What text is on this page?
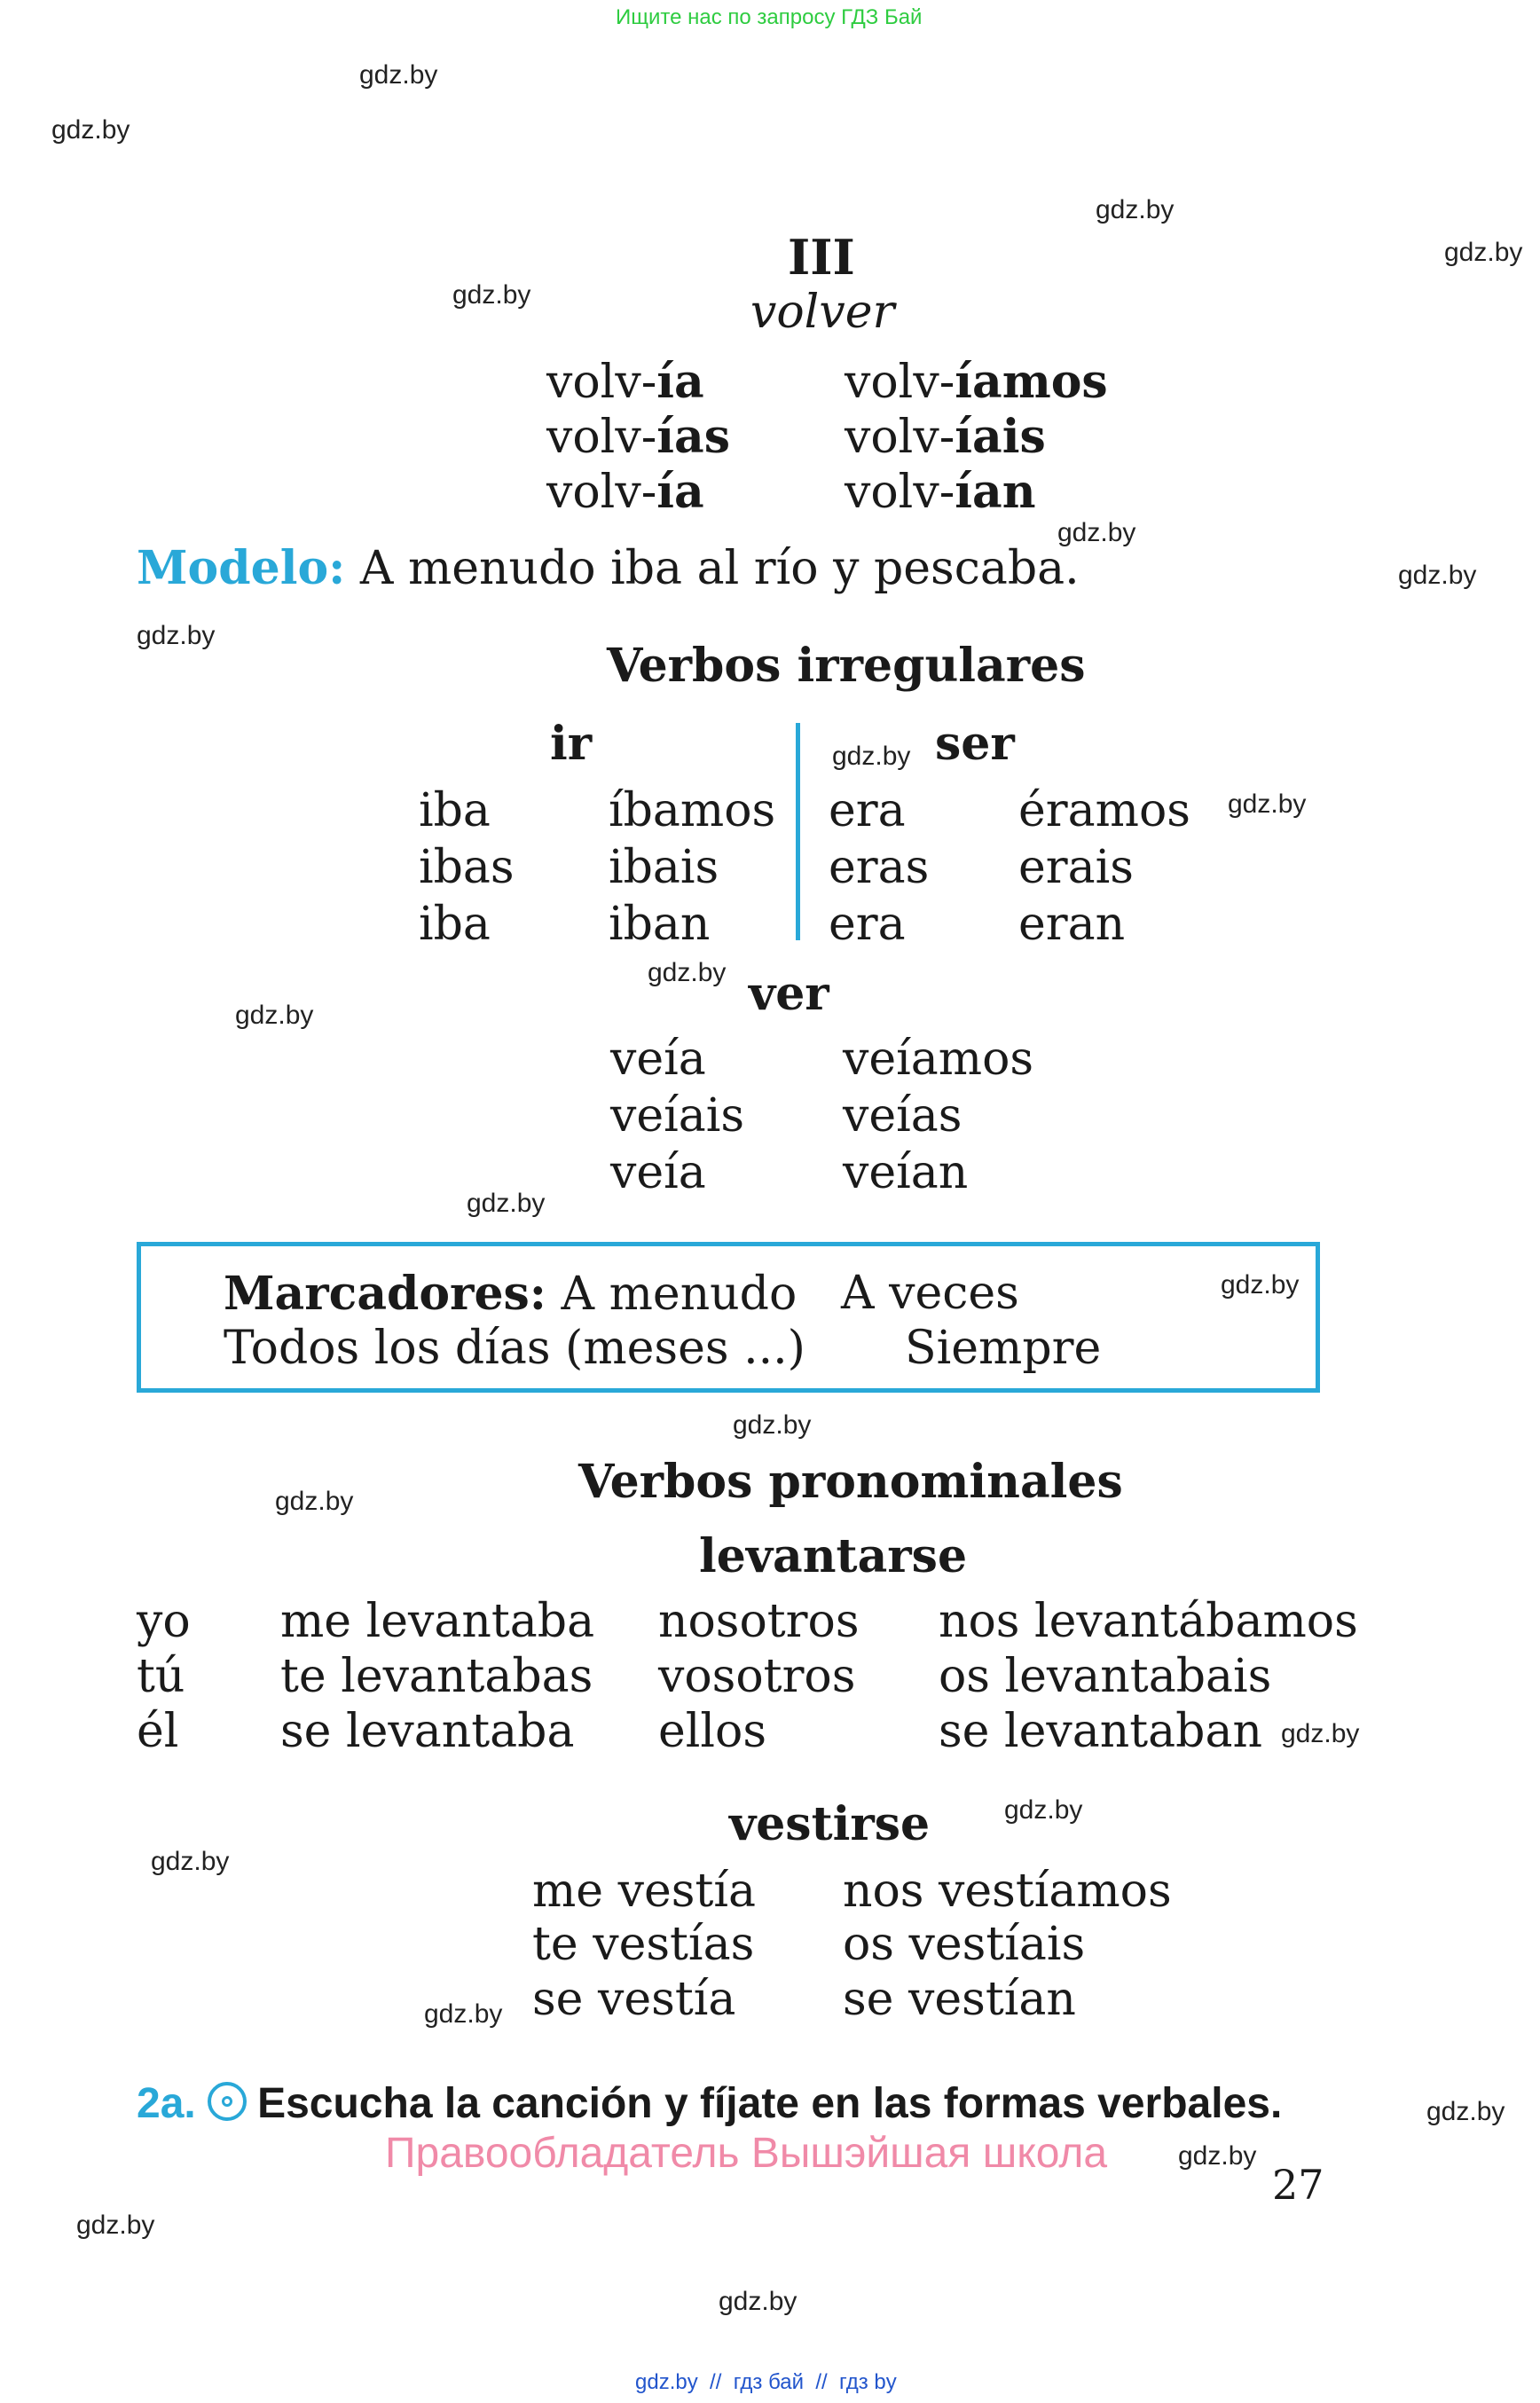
Ищите нас по запросу ГДЗ Бай
gdz.by
gdz.by
gdz.by
gdz.by
gdz.by
gdz.by
gdz.by
gdz.by
gdz.by
gdz.by
gdz.by
gdz.by
gdz.by
gdz.by
gdz.by
gdz.by
gdz.by
gdz.by
gdz.by
gdz.by
gdz.by
gdz.by
gdz.by
gdz.by
III
volver
volv-ía
volv-ías
volv-ía
volv-íamos
volv-íais
volv-ían
Modelo: A menudo iba al río y pescaba.
Verbos irregulares
ir	ser
iba
ibas
iba
íbamos
ibais
iban
era
eras
era
éramos
erais
eran
ver
veía
veíais
veía
veíamos
veías
veían
Marcadores: A menudo A veces
Todos los días (meses ...) Siempre
Verbos pronominales
levantarse
yo
tú
él
me levantaba
te levantabas
se levantaba
nosotros
vosotros
ellos
nos levantábamos
os levantabais
se levantaban
vestirse
me vestía
te vestías
se vestía
nos vestíamos
os vestíais
se vestían
2a. Escucha la canción y fíjate en las formas verbales.
Правообладатель Вышэйшая школа
27
gdz.by  //  гдз бай  //  гдз by
